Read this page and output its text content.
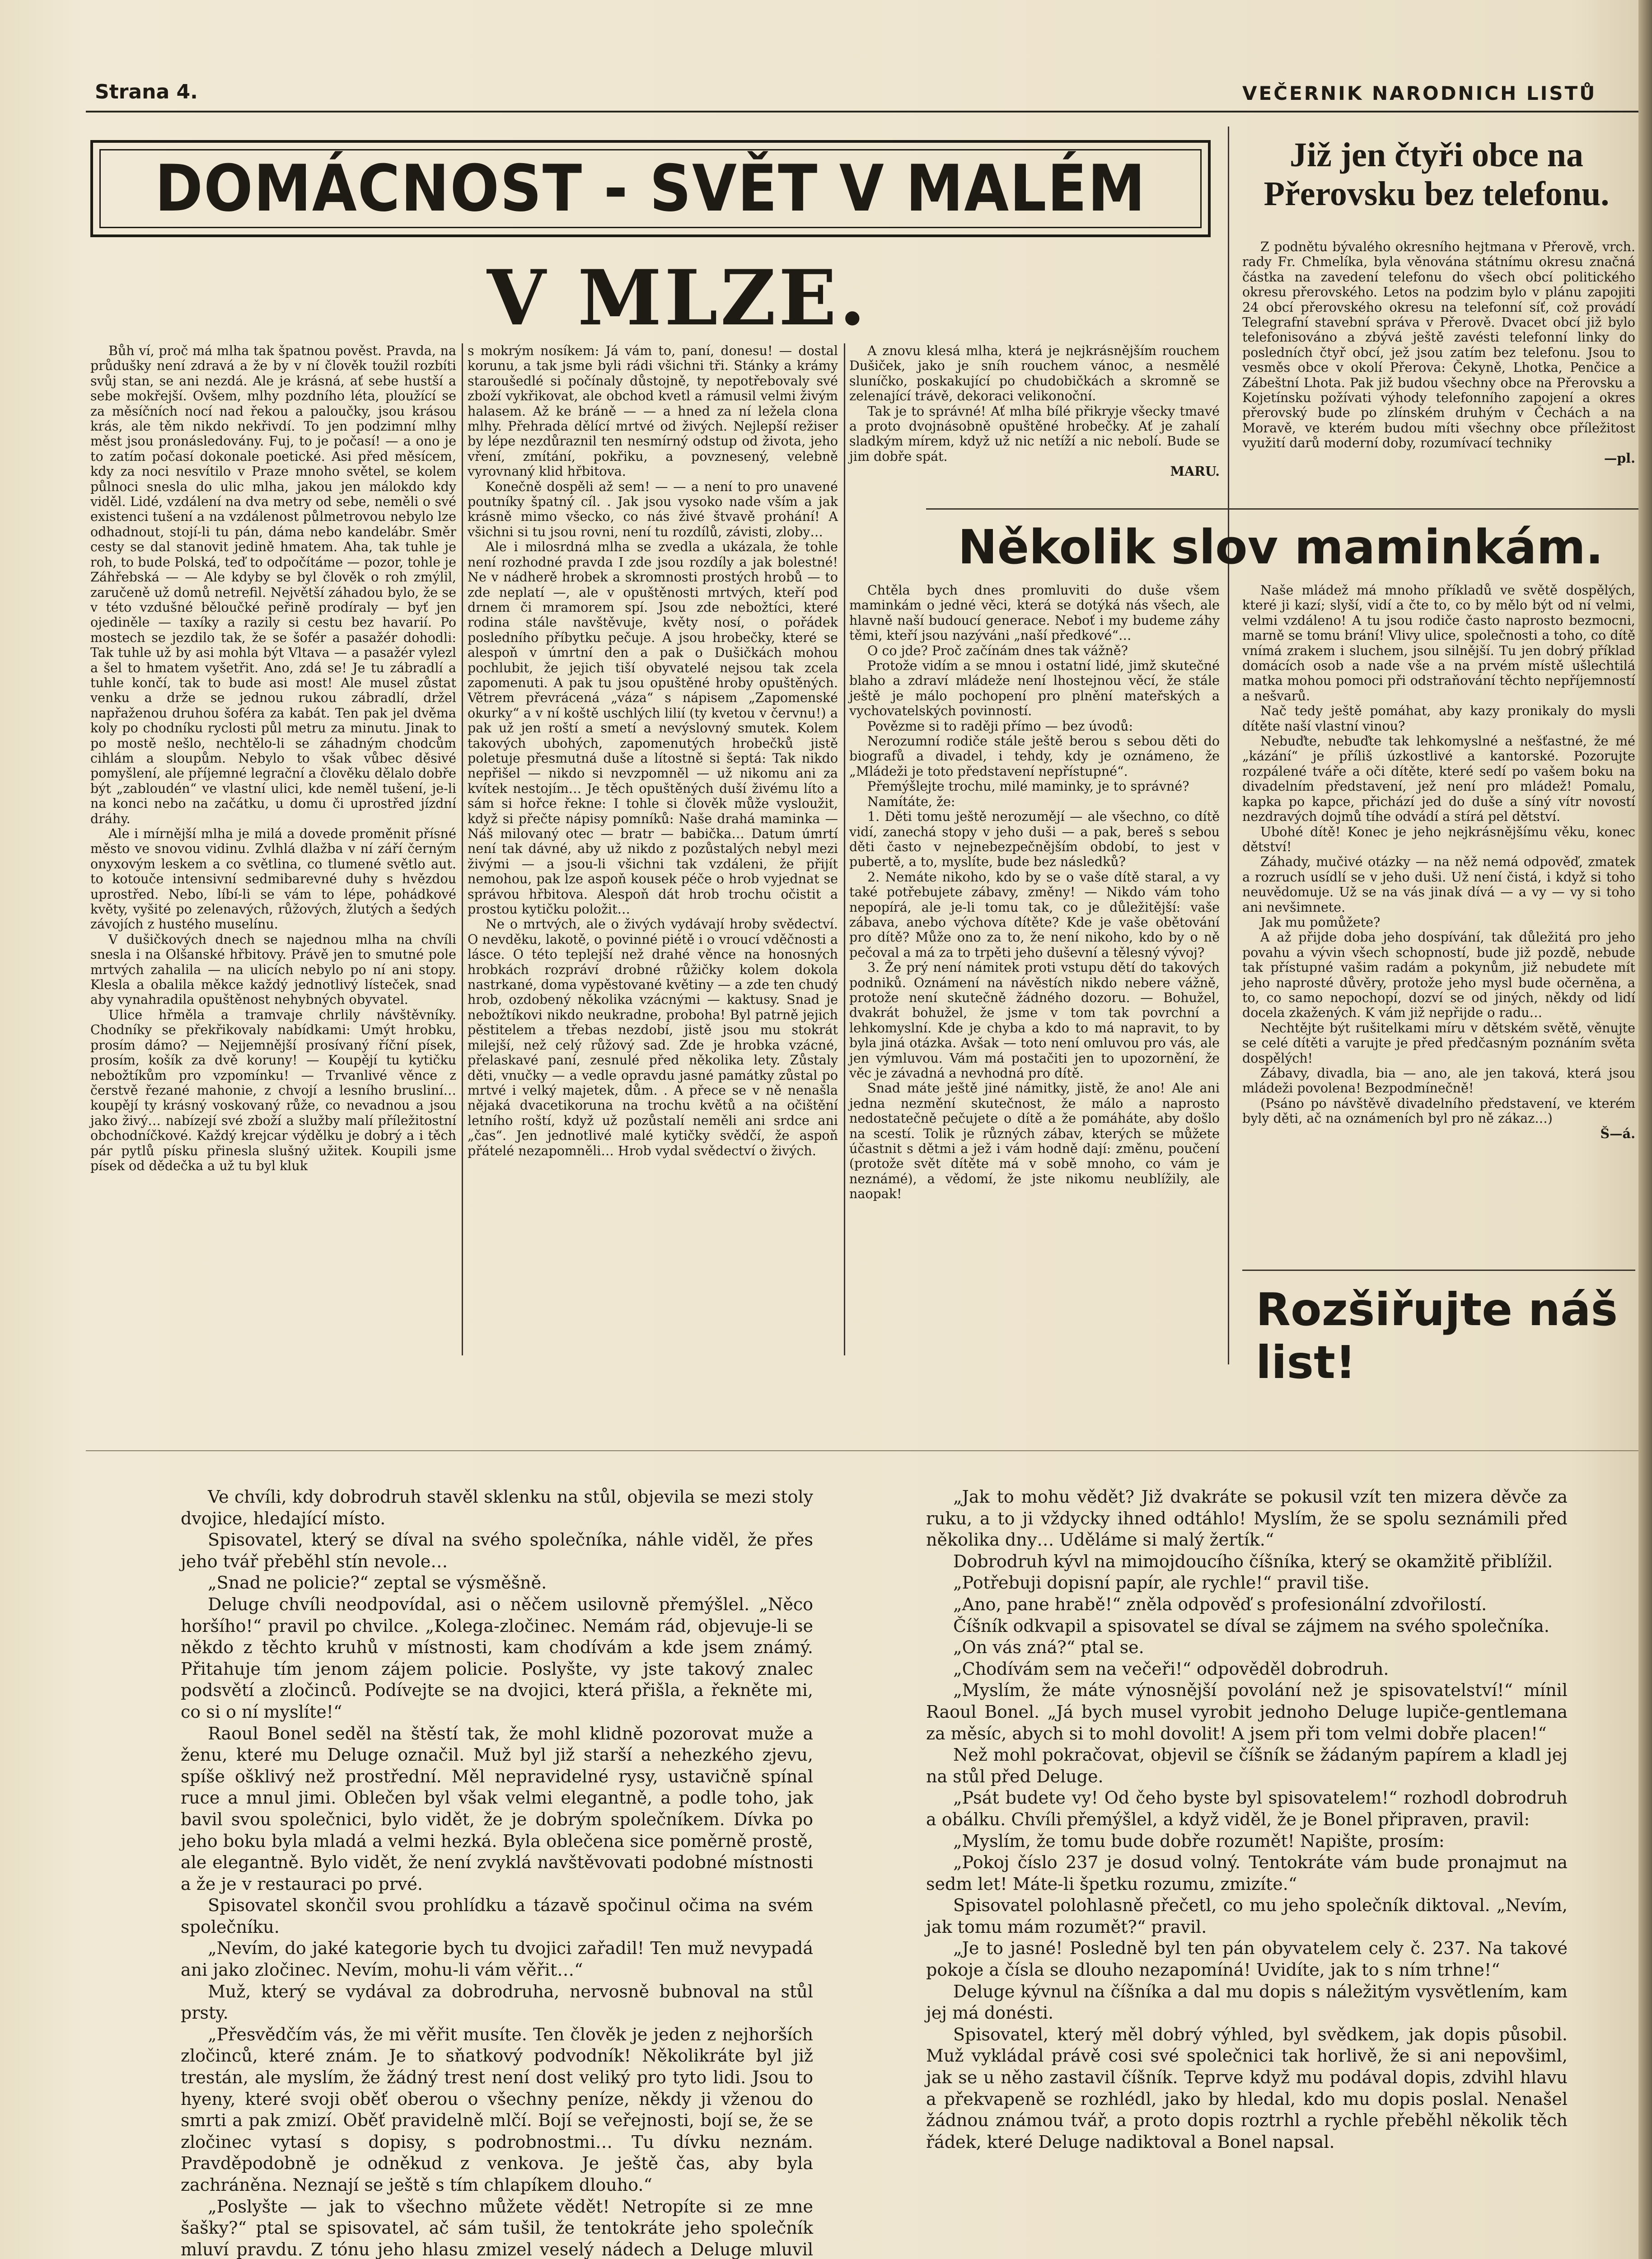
Strana 4.	VEČERNIK NARODNICH LISTŮ
DOMÁCNOST - SVĚT V MALÉM
V MLZE.

Bůh ví, proč má mlha tak špatnou pověst. Pravda, na průdušky není zdravá a že by v ní člověk toužil rozbíti svůj stan, se ani nezdá. Ale je krásná, ať sebe hustší a sebe mokřejší. Ovšem, mlhy pozdního léta, ploužící se za měsíčních nocí nad řekou a paloučky, jsou krásou krás, ale těm nikdo nekřivdí. To jen podzimní mlhy měst jsou pronásledovány. Fuj, to je počasí! — a ono je to zatím počasí dokonale poetické. Asi před měsícem, kdy za noci nesvítilo v Praze mnoho světel, se kolem půlnoci snesla do ulic mlha, jakou jen málokdo kdy viděl. Lidé, vzdálení na dva metry od sebe, neměli o své existenci tušení a na vzdálenost půlmetrovou nebylo lze odhadnout, stojí-li tu pán, dáma nebo kandelábr. Směr cesty se dal stanovit jedině hmatem. Aha, tak tuhle je roh, to bude Polská, teď to odpočítáme — pozor, tohle je Záhřebská — — Ale kdyby se byl člověk o roh zmýlil, zaručeně už domů netrefil. Největší záhadou bylo, že se v této vzdušné běloučké peřině prodíraly — byť jen ojediněle — taxíky a razily si cestu bez havarií. Po mostech se jezdilo tak, že se šofér a pasažér dohodli: Tak tuhle už by asi mohla být Vltava — a pasažér vylezl a šel to hmatem vyšetřit. Ano, zdá se! Je tu zábradlí a tuhle končí, tak to bude asi most! Ale musel zůstat venku a drže se jednou rukou zábradlí, držel napřaženou druhou šoféra za kabát. Ten pak jel dvěma koly po chodníku ryclosti půl metru za minutu. Jinak to po mostě nešlo, nechtělo-li se záhadným chodcům cihlám a sloupům. Nebylo to však vůbec děsivé pomyšlení, ale příjemné legrační a člověku dělalo dobře být „zabloudén“ ve vlastní ulici, kde neměl tušení, je-li na konci nebo na začátku, u domu či uprostřed jízdní dráhy.

Ale i mírnější mlha je milá a dovede proměnit přísné město ve snovou vidinu. Zvlhlá dlažba v ní září černým onyxovým leskem a co světlina, co tlumené světlo aut. to kotouče intensivní sedmibarevné duhy s hvězdou uprostřed. Nebo, líbí-li se vám to lépe, pohádkové květy, vyšité po zelenavých, růžových, žlutých a šedých závojích z hustého muselínu.

V dušičkových dnech se najednou mlha na chvíli snesla i na Olšanské hřbitovy. Právě jen to smutné pole mrtvých zahalila — na ulicích nebylo po ní ani stopy. Klesla a obalila měkce každý jednotlivý lísteček, snad aby vynahradila opuštěnost nehybných obyvatel.

Ulice hřměla a tramvaje chrlily návštěvníky. Chodníky se překřikovaly nabídkami: Umýt hrobku, prosím dámo? — Nejjemnější prosívaný říční písek, prosím, košík za dvě koruny! — Koupějí tu kytičku nebožtíkům pro vzpomínku! — Trvanlivé věnce z čerstvě řezané mahonie, z chvojí a lesního brusliní… koupějí ty krásný voskovaný růže, co nevadnou a jsou jako živý… nabízejí své zboží a služby malí příležitostní obchodníčkové. Každý krejcar výdělku je dobrý a i těch pár pytlů písku přinesla slušný užitek. Koupili jsme písek od dědečka a už tu byl kluk

s mokrým nosíkem: Já vám to, paní, donesu! — dostal korunu, a tak jsme byli rádi všichni tři. Stánky a krámy staroušedlé si počínaly důstojně, ty nepotřebovaly své zboží vykřikovat, ale obchod kvetl a rámusil velmi živým halasem. Až ke bráně — — a hned za ní ležela clona mlhy. Přehrada dělící mrtvé od živých. Nejlepší režiser by lépe nezdůraznil ten nesmírný odstup od života, jeho vření, zmítání, pokřiku, a povznesený, velebně vyrovnaný klid hřbitova.

Konečně dospěli až sem! — — a není to pro unavené poutníky špatný cíl. . Jak jsou vysoko nade vším a jak krásně mimo všecko, co nás živé štvavě prohání! A všichni si tu jsou rovni, není tu rozdílů, závisti, zloby…

Ale i milosrdná mlha se zvedla a ukázala, že tohle není rozhodné pravda I zde jsou rozdíly a jak bolestné! Ne v nádherě hrobek a skromnosti prostých hrobů — to zde neplatí —, ale v opuštěnosti mrtvých, kteří pod drnem či mramorem spí. Jsou zde nebožtíci, které rodina stále navštěvuje, květy nosí, o pořádek posledního příbytku pečuje. A jsou hrobečky, které se alespoň v úmrtní den a pak o Dušičkách mohou pochlubit, že jejich tiší obyvatelé nejsou tak zcela zapomenuti. A pak tu jsou opuštěné hroby opuštěných. Větrem převrácená „váza“ s nápisem „Zapomenské okurky“ a v ní koště uschlých lilií (ty kvetou v červnu!) a pak už jen roští a smetí a nevýslovný smutek. Kolem takových ubohých, zapomenutých hrobečků jistě poletuje přesmutná duše a lítostně si šeptá: Tak nikdo nepřišel — nikdo si nevzpomněl — už nikomu ani za kvítek nestojím… Je těch opuštěných duší živému líto a sám si hořce řekne: I tohle si člověk může vysloužit, když si přečte nápisy pomníků: Naše drahá maminka — Náš milovaný otec — bratr — babička… Datum úmrtí není tak dávné, aby už nikdo z pozůstalých nebyl mezi živými — a jsou-li všichni tak vzdáleni, že přijít nemohou, pak lze aspoň kousek péče o hrob vyjednat se správou hřbitova. Alespoň dát hrob trochu očistit a prostou kytičku položit…

Ne o mrtvých, ale o živých vydávají hroby svědectví. O nevděku, lakotě, o povinné piétě i o vroucí vděčnosti a lásce. O této teplejší než drahé věnce na honosných hrobkách rozpráví drobné růžičky kolem dokola nastrkané, doma vypěstované květiny — a zde ten chudý hrob, ozdobený několika vzácnými — kaktusy. Snad je nebožtíkovi nikdo neukradne, proboha! Byl patrně jejich pěstitelem a třebas nezdobí, jistě jsou mu stokrát milejší, než celý růžový sad. Zde je hrobka vzácné, přelaskavé paní, zesnulé před několika lety. Zůstaly děti, vnučky — a vedle opravdu jasné památky zůstal po mrtvé i velký majetek, dům. . A přece se v ně nenašla nějaká dvacetikoruna na trochu květů a na očištění letního roští, když už pozůstalí neměli ani srdce ani „čas“. Jen jednotlivé malé kytičky svědčí, že aspoň přátelé nezapomněli… Hrob vydal svědectví o živých.

A znovu klesá mlha, která je nejkrásnějším rouchem Dušiček, jako je sníh rouchem vánoc, a nesmělé sluníčko, poskakující po chudobičkách a skromně se zelenající trávě, dekoraci velikonoční.

Tak je to správné! Ať mlha bílé přikryje všecky tmavé a proto dvojnásobně opuštěné hrobečky. Ať je zahalí sladkým mírem, když už nic netíží a nic nebolí. Bude se jim dobře spát.

MARU.
Již jen čtyři obce na Přerovsku bez telefonu.

Z podnětu bývalého okresního hejtmana v Přerově, vrch. rady Fr. Chmelíka, byla věnována státnímu okresu značná částka na zavedení telefonu do všech obcí politického okresu přerovského. Letos na podzim bylo v plánu zapojiti 24 obcí přerovského okresu na telefonní síť, což provádí Telegrafní stavební správa v Přerově. Dvacet obcí již bylo telefonisováno a zbývá ještě zavésti telefonní linky do posledních čtyř obcí, jež jsou zatím bez telefonu. Jsou to vesměs obce v okolí Přerova: Čekyně, Lhotka, Penčice a Zábeštní Lhota. Pak již budou všechny obce na Přerovsku a Kojetínsku požívati výhody telefonního zapojení a okres přerovský bude po zlínském druhým v Čechách a na Moravě, ve kterém budou míti všechny obce příležitost využití darů moderní doby, rozumívací techniky

—pl.
Několik slov maminkám.

Chtěla bych dnes promluviti do duše všem maminkám o jedné věci, která se dotýká nás všech, ale hlavně naší budoucí generace. Neboť i my budeme záhy těmi, kteří jsou nazýváni „naší předkové“…

O co jde? Proč začínám dnes tak vážně?

Protože vidím a se mnou i ostatní lidé, jimž skutečné blaho a zdraví mládeže není lhostejnou věcí, že stále ještě je málo pochopení pro plnění mateřských a vychovatelských povinností.

Povězme si to raději přímo — bez úvodů:

Nerozumní rodiče stále ještě berou s sebou děti do biografů a divadel, i tehdy, kdy je oznámeno, že „Mládeži je toto představení nepřístupné“.

Přemýšlejte trochu, milé maminky, je to správné?

Namítáte, že:

1. Děti tomu ještě nerozumějí — ale všechno, co dítě vidí, zanechá stopy v jeho duši — a pak, bereš s sebou děti často v nejnebezpečnějším období, to jest v pubertě, a to, myslíte, bude bez následků?

2. Nemáte nikoho, kdo by se o vaše dítě staral, a vy také potřebujete zábavy, změny! — Nikdo vám toho nepopírá, ale je-li tomu tak, co je důležitější: vaše zábava, anebo výchova dítěte? Kde je vaše obětování pro dítě? Může ono za to, že není nikoho, kdo by o ně pečoval a má za to trpěti jeho duševní a tělesný vývoj?

3. Že prý není námitek proti vstupu dětí do takových podniků. Oznámení na návěstích nikdo nebere vážně, protože není skutečně žádného dozoru. — Bohužel, dvakrát bohužel, že jsme v tom tak povrchní a lehkomyslní. Kde je chyba a kdo to má napravit, to by byla jiná otázka. Avšak — toto není omluvou pro vás, ale jen výmluvou. Vám má postačiti jen to upozornění, že věc je závadná a nevhodná pro dítě.

Snad máte ještě jiné námitky, jistě, že ano! Ale ani jedna nezmění skutečnost, že málo a naprosto nedostatečně pečujete o dítě a že pomáháte, aby došlo na scestí. Tolik je různých zábav, kterých se můžete účastnit s dětmi a jež i vám hodně dají: změnu, poučení (protože svět dítěte má v sobě mnoho, co vám je neznámé), a vědomí, že jste nikomu neublížily, ale naopak!

Naše mládež má mnoho příkladů ve světě dospělých, které ji kazí; slyší, vidí a čte to, co by mělo být od ní velmi, velmi vzdáleno! A tu jsou rodiče často naprosto bezmocni, marně se tomu brání! Vlivy ulice, společnosti a toho, co dítě vnímá zrakem i sluchem, jsou silnější. Tu jen dobrý příklad domácích osob a nade vše a na prvém místě ušlechtilá matka mohou pomoci při odstraňování těchto nepříjemností a nešvarů.

Nač tedy ještě pomáhat, aby kazy pronikaly do mysli dítěte naší vlastní vinou?

Nebuďte, nebuďte tak lehkomyslné a nešťastné, že mé „kázání“ je příliš úzkostlivé a kantorské. Pozorujte rozpálené tváře a oči dítěte, které sedí po vašem boku na divadelním představení, jež není pro mládež! Pomalu, kapka po kapce, přichází jed do duše a síný vítr novostí nezdravých dojmů tíhe odvádí a stírá pel dětství.

Ubohé dítě! Konec je jeho nejkrásnějšímu věku, konec dětství!

Záhady, mučivé otázky — na něž nemá odpověď, zmatek a rozruch usídlí se v jeho duši. Už není čistá, i když si toho neuvědomuje. Už se na vás jinak dívá — a vy — vy si toho ani nevšimnete.

Jak mu pomůžete?

A až přijde doba jeho dospívání, tak důležitá pro jeho povahu a vývin všech schopností, bude již pozdě, nebude tak přístupné vašim radám a pokynům, již nebudete mít jeho naprosté důvěry, protože jeho mysl bude očerněna, a to, co samo nepochopí, dozví se od jiných, někdy od lidí docela zkažených. K vám již nepřijde o radu…

Nechtějte být rušitelkami míru v dětském světě, věnujte se celé dítěti a varujte je před předčasným poznáním světa dospělých!

Zábavy, divadla, bia — ano, ale jen taková, která jsou mládeži povolena! Bezpodmínečně!

(Psáno po návštěvě divadelního představení, ve kterém byly děti, ač na oznámeních byl pro ně zákaz…)

Š—á.
Rozšiřujte náš list!

Ve chvíli, kdy dobrodruh stavěl sklenku na stůl, objevila se mezi stoly dvojice, hledající místo.

Spisovatel, který se díval na svého společníka, náhle viděl, že přes jeho tvář přeběhl stín nevole…

„Snad ne policie?“ zeptal se výsměšně.

Deluge chvíli neodpovídal, asi o něčem usilovně přemýšlel. „Něco horšího!“ pravil po chvilce. „Kolega-zločinec. Nemám rád, objevuje-li se někdo z těchto kruhů v místnosti, kam chodívám a kde jsem známý. Přitahuje tím jenom zájem policie. Poslyšte, vy jste takový znalec podsvětí a zločinců. Podívejte se na dvojici, která přišla, a řekněte mi, co si o ní myslíte!“

Raoul Bonel seděl na štěstí tak, že mohl klidně pozorovat muže a ženu, které mu Deluge označil. Muž byl již starší a nehezkého zjevu, spíše ošklivý než prostřední. Měl nepravidelné rysy, ustavičně spínal ruce a mnul jimi. Oblečen byl však velmi elegantně, a podle toho, jak bavil svou společnici, bylo vidět, že je dobrým společníkem. Dívka po jeho boku byla mladá a velmi hezká. Byla oblečena sice poměrně prostě, ale elegantně. Bylo vidět, že není zvyklá navštěvovati podobné místnosti a že je v restauraci po prvé.

Spisovatel skončil svou prohlídku a tázavě spočinul očima na svém společníku.

„Nevím, do jaké kategorie bych tu dvojici zařadil! Ten muž nevypadá ani jako zločinec. Nevím, mohu-li vám věřit…“

Muž, který se vydával za dobrodruha, nervosně bubnoval na stůl prsty.

„Přesvědčím vás, že mi věřit musíte. Ten člověk je jeden z nejhorších zločinců, které znám. Je to sňatkový podvodník! Několikráte byl již trestán, ale myslím, že žádný trest není dost veliký pro tyto lidi. Jsou to hyeny, které svoji oběť oberou o všechny peníze, někdy ji vženou do smrti a pak zmizí. Oběť pravidelně mlčí. Bojí se veřejnosti, bojí se, že se zločinec vytasí s dopisy, s podrobnostmi… Tu dívku neznám. Pravděpodobně je odněkud z venkova. Je ještě čas, aby byla zachráněna. Neznají se ještě s tím chlapíkem dlouho.“

„Poslyšte — jak to všechno můžete vědět! Netropíte si ze mne šašky?“ ptal se spisovatel, ač sám tušil, že tentokráte jeho společník mluví pravdu. Z tónu jeho hlasu zmizel veselý nádech a Deluge mluvil

„Jak to mohu vědět? Již dvakráte se pokusil vzít ten mizera děvče za ruku, a to ji vždycky ihned odtáhlo! Myslím, že se spolu seznámili před několika dny… Udělámе si malý žertík.“

Dobrodruh kývl na mimojdoucího číšníka, který se okamžitě přiblížil.

„Potřebuji dopisní papír, ale rychle!“ pravil tiše.

„Ano, pane hrabě!“ zněla odpověď s profesionální zdvořilostí.

Číšník odkvapil a spisovatel se díval se zájmem na svého společníka.

„On vás zná?“ ptal se.

„Chodívám sem na večeři!“ odpověděl dobrodruh.

„Myslím, že máte výnosnější povolání než je spisovatelství!“ mínil Raoul Bonel. „Já bych musel vyrobit jednoho Deluge lupiče-gentlemana za měsíc, abych si to mohl dovolit! A jsem při tom velmi dobře placen!“

Než mohl pokračovat, objevil se číšník se žádaným papírem a kladl jej na stůl před Deluge.

„Psát budete vy! Od čeho byste byl spisovatelem!“ rozhodl dobrodruh a obálku. Chvíli přemýšlel, a když viděl, že je Bonel připraven, pravil:

„Myslím, že tomu bude dobře rozumět! Napište, prosím:

„Pokoj číslo 237 je dosud volný. Tentokráte vám bude pronajmut na sedm let! Máte-li špetku rozumu, zmizíte.“

Spisovatel polohlasně přečetl, co mu jeho společník diktoval. „Nevím, jak tomu mám rozumět?“ pravil.

„Je to jasné! Posledně byl ten pán obyvatelem cely č. 237. Na takové pokoje a čísla se dlouho nezapomíná! Uvidíte, jak to s ním trhne!“

Deluge kývnul na číšníka a dal mu dopis s náležitým vysvětlením, kam jej má donésti.

Spisovatel, který měl dobrý výhled, byl svědkem, jak dopis působil. Muž vykládal právě cosi své společnici tak horlivě, že si ani nepovšiml, jak se u něho zastavil číšník. Teprve když mu podával dopis, zdvihl hlavu a překvapeně se rozhlédl, jako by hledal, kdo mu dopis poslal. Nenašel žádnou známou tvář, a proto dopis roztrhl a rychle přeběhl několik těch řádek, které Deluge nadiktoval a Bonel napsal.
